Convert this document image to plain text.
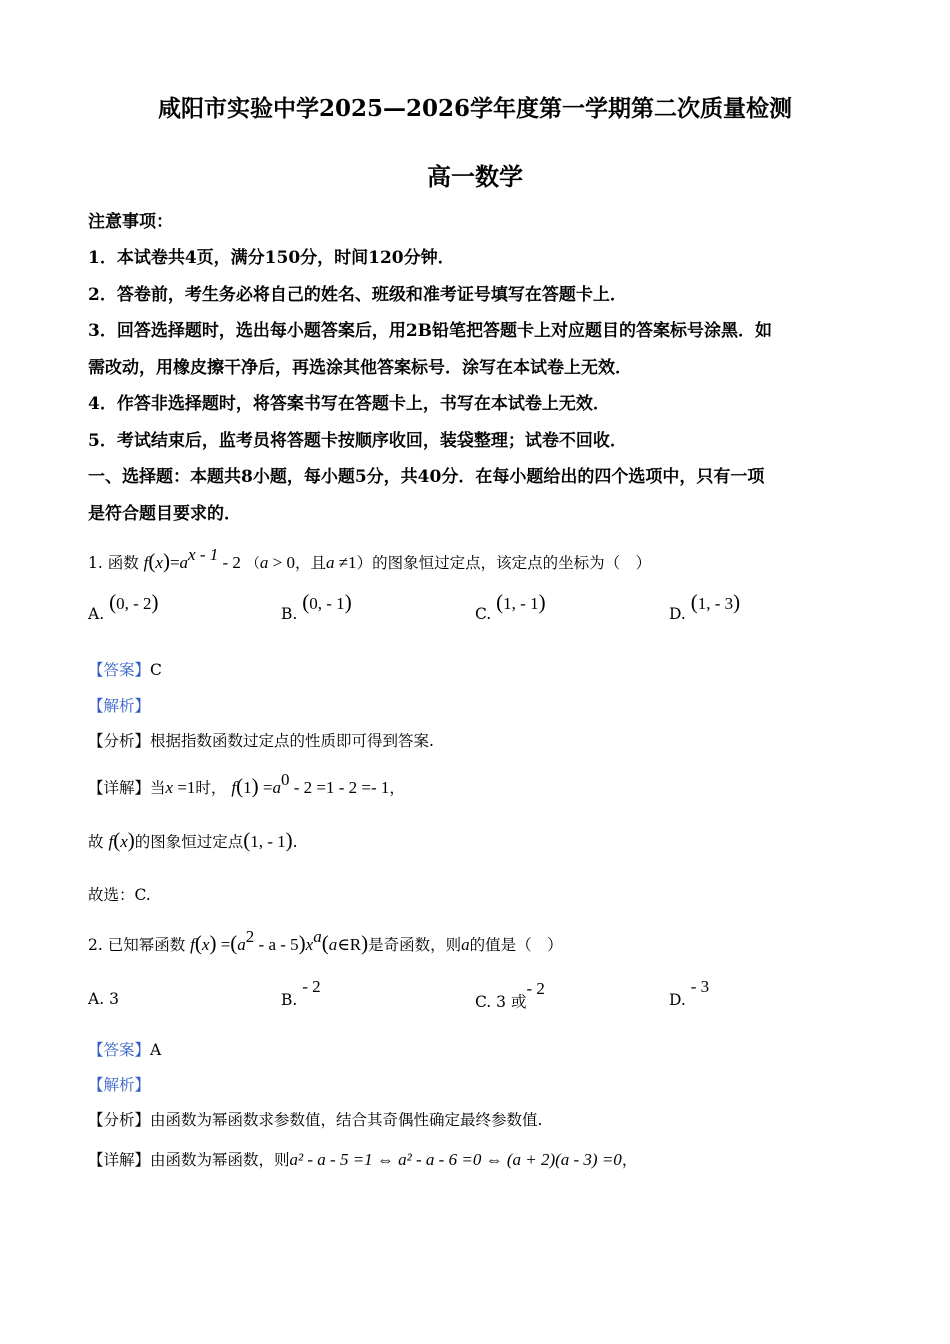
咸阳市实验中学2025—2026学年度第一学期第二次质量检测
高一数学
注意事项：
1．本试卷共4页，满分150分，时间120分钟．
2．答卷前，考生务必将自己的姓名、班级和准考证号填写在答题卡上．
3．回答选择题时，选出每小题答案后，用2B铅笔把答题卡上对应题目的答案标号涂黑．如
需改动，用橡皮擦干净后，再选涂其他答案标号．涂写在本试卷上无效．
4．作答非选择题时，将答案书写在答题卡上，书写在本试卷上无效．
5．考试结束后，监考员将答题卡按顺序收回，装袋整理；试卷不回收．
一、选择题：本题共8小题，每小题5分，共40分．在每小题给出的四个选项中，只有一项
是符合题目要求的．
1. 函数 $f(x)=a^{x - 1} - 2$ （a > 0，且a ≠1）的图象恒过定点，该定点的坐标为（　）
A. (0, - 2)	B. (0, - 1)	C. (1, - 1)	D. (1, - 3)
【答案】C
【解析】
【分析】根据指数函数过定点的性质即可得到答案.
【详解】当x =1时， $f(1) =a^0 - 2 =1 - 2 =- 1$，
故 f(x)的图象恒过定点(1, - 1).
故选：C.
2. 已知幂函数 $f(x) =(a^2 - a$ - $5)x^a(a\in R)$是奇函数，则a的值是（　）
A. 3	B. - 2
C. 3 或- 2
D. - 3
【答案】A
【解析】
【分析】由函数为幂函数求参数值，结合其奇偶性确定最终参数值.
【详解】由函数为幂函数，则a² - a - 5 =1 ⇔ a² - a - 6 =0 ⇔ (a + 2)(a - 3) =0，
